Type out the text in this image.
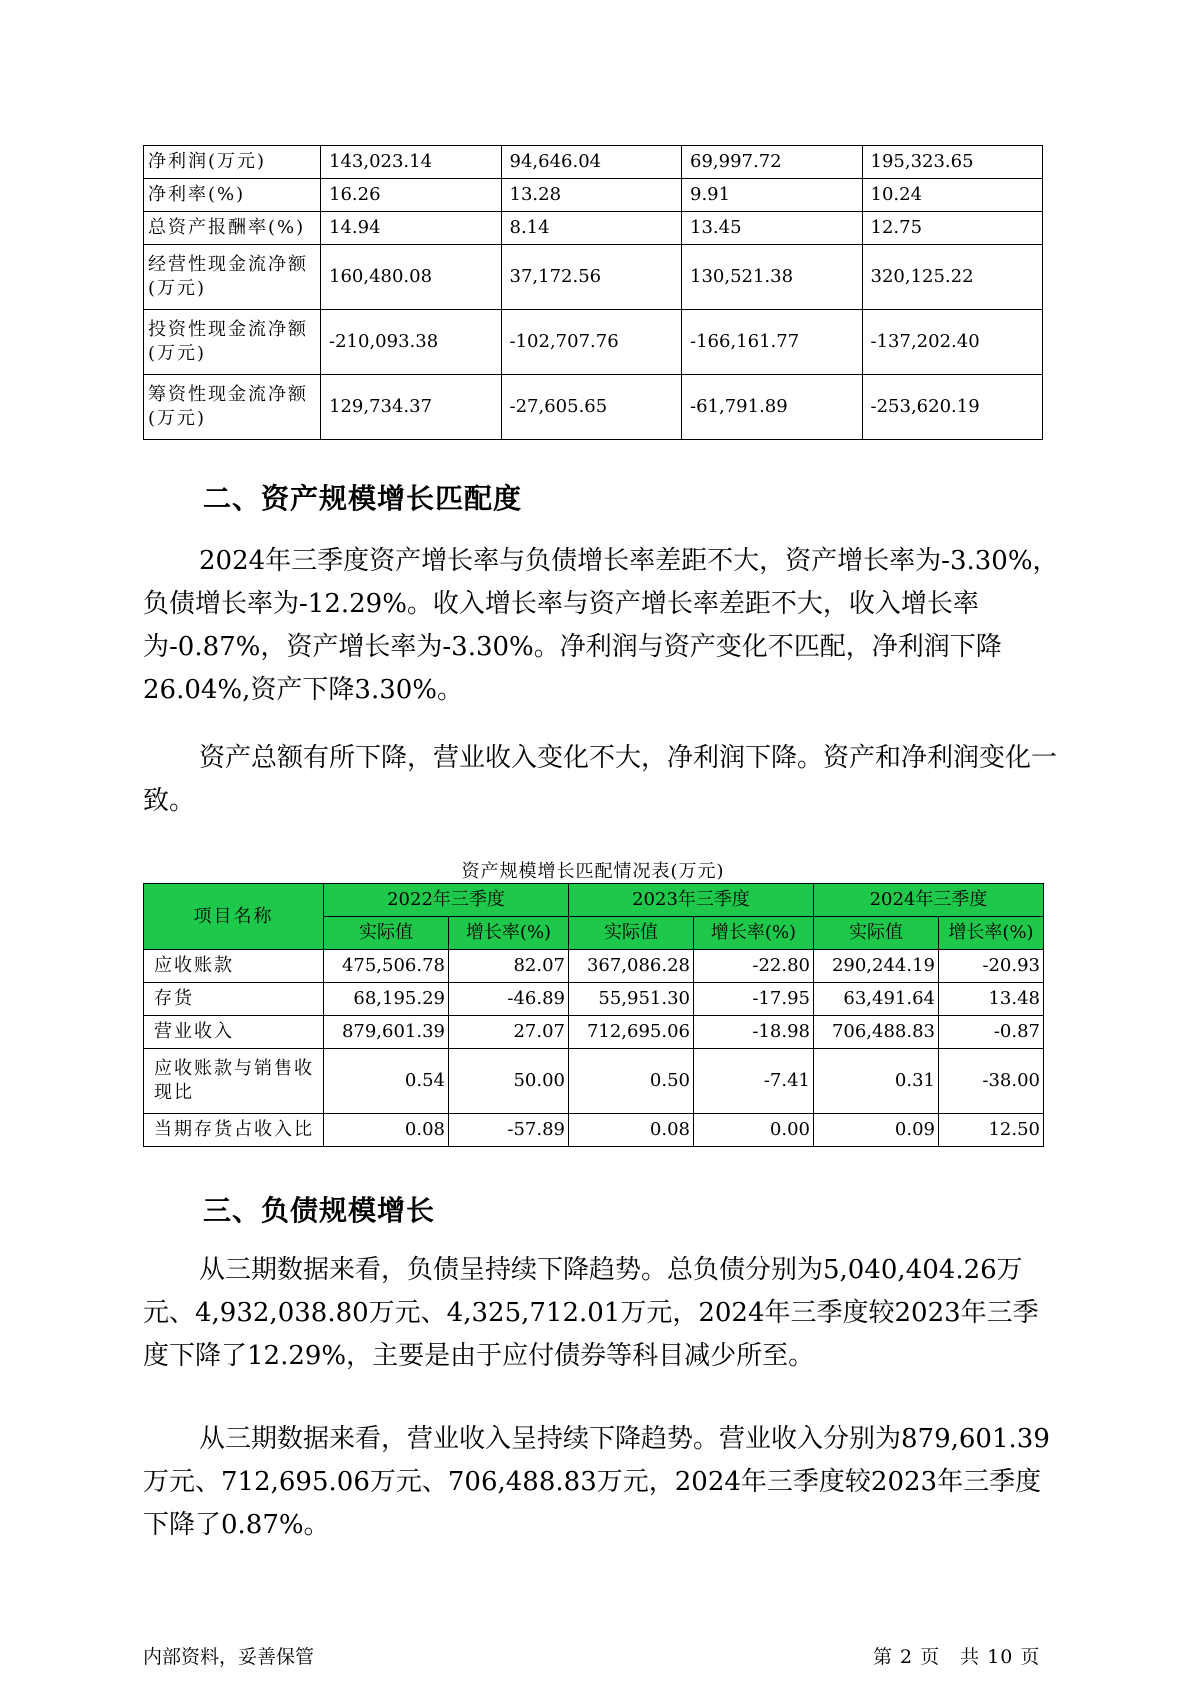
净利润(万元)	143,023.14	94,646.04	69,997.72	195,323.65
净利率(%)	16.26	13.28	9.91	10.24
总资产报酬率(%)	14.94	8.14	13.45	12.75
经营性现金流净额(万元)	160,480.08	37,172.56	130,521.38	320,125.22
投资性现金流净额(万元)	-210,093.38	-102,707.76	-166,161.77	-137,202.40
筹资性现金流净额(万元)	129,734.37	-27,605.65	-61,791.89	-253,620.19
二、资产规模增长匹配度

2024年三季度资产增长率与负债增长率差距不大，资产增长率为-3.30%，负债增长率为-12.29%。收入增长率与资产增长率差距不大，收入增长率为-0.87%，资产增长率为-3.30%。净利润与资产变化不匹配，净利润下降26.04%,资产下降3.30%。

资产总额有所下降，营业收入变化不大，净利润下降。资产和净利润变化一致。

资产规模增长匹配情况表(万元)
项目名称	2022年三季度		2023年三季度		2024年三季度	
	实际值	增长率(%)	实际值	增长率(%)	实际值	增长率(%)
应收账款	475,506.78	82.07	367,086.28	-22.80	290,244.19	-20.93
存货	68,195.29	-46.89	55,951.30	-17.95	63,491.64	13.48
营业收入	879,601.39	27.07	712,695.06	-18.98	706,488.83	-0.87
应收账款与销售收现比	0.54	50.00	0.50	-7.41	0.31	-38.00
当期存货占收入比	0.08	-57.89	0.08	0.00	0.09	12.50
三、负债规模增长

从三期数据来看，负债呈持续下降趋势。总负债分别为5,040,404.26万元、4,932,038.80万元、4,325,712.01万元，2024年三季度较2023年三季度下降了12.29%，主要是由于应付债券等科目减少所至。

从三期数据来看，营业收入呈持续下降趋势。营业收入分别为879,601.39万元、712,695.06万元、706,488.83万元，2024年三季度较2023年三季度下降了0.87%。

内部资料，妥善保管	第 2 页　共 10 页
